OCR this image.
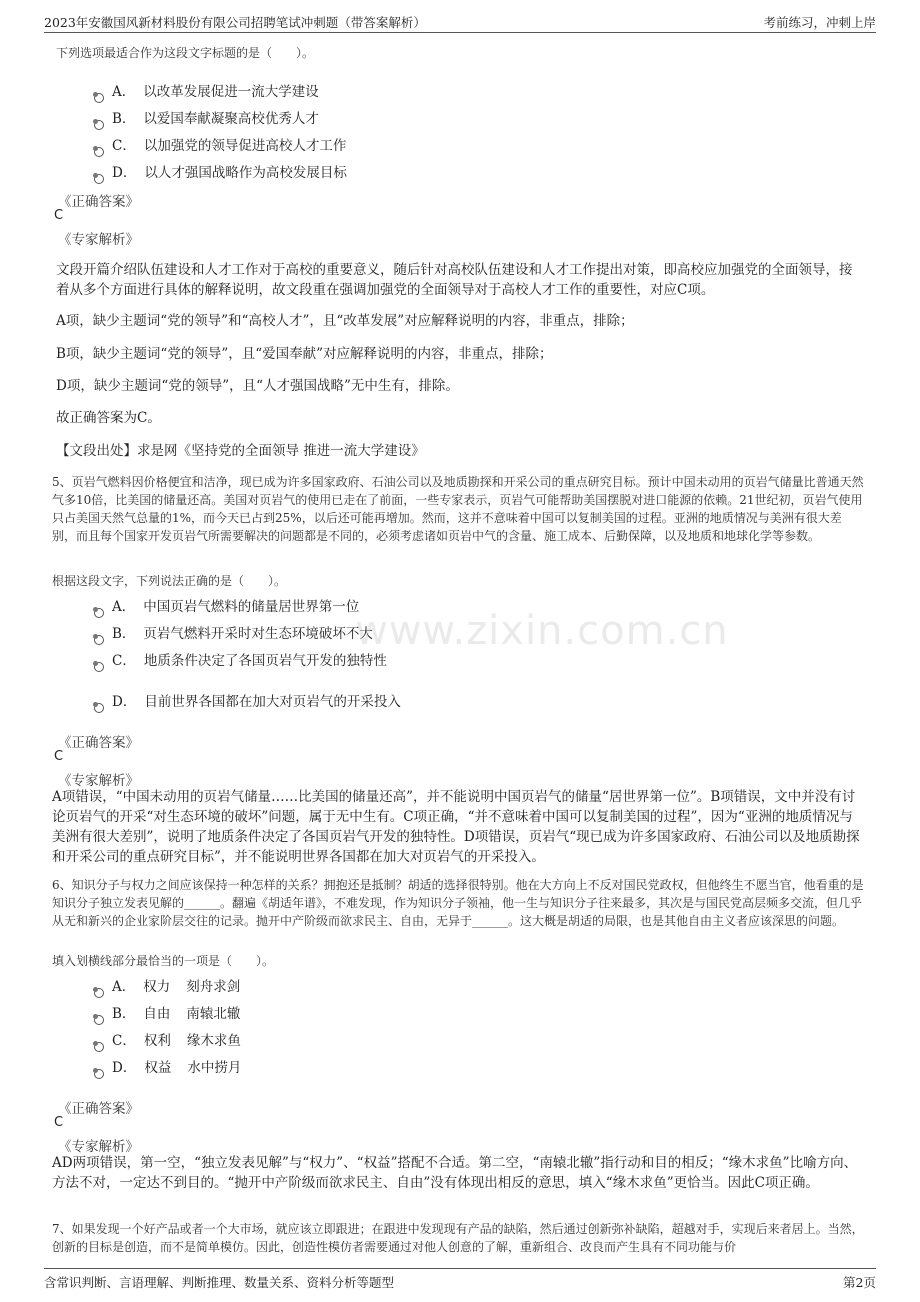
2023年安徽国风新材料股份有限公司招聘笔试冲刺题（带答案解析）	考前练习，冲刺上岸
www.zixin.com.cn
下列选项最适合作为这段文字标题的是（　　）。
A． 以改革发展促进一流大学建设
B． 以爱国奉献凝聚高校优秀人才
C． 以加强党的领导促进高校人才工作
D． 以人才强国战略作为高校发展目标
《正确答案》
C
《专家解析》
文段开篇介绍队伍建设和人才工作对于高校的重要意义，随后针对高校队伍建设和人才工作提出对策，即高校应加强党的全面领导，接着从多个方面进行具体的解释说明，故文段重在强调加强党的全面领导对于高校人才工作的重要性，对应C项。
A项，缺少主题词“党的领导”和“高校人才”，且“改革发展”对应解释说明的内容，非重点，排除；
B项，缺少主题词“党的领导”，且“爱国奉献”对应解释说明的内容，非重点，排除；
D项，缺少主题词“党的领导”，且“人才强国战略”无中生有，排除。
故正确答案为C。
【文段出处】求是网《坚持党的全面领导 推进一流大学建设》
5、页岩气燃料因价格便宜和洁净，现已成为许多国家政府、石油公司以及地质勘探和开采公司的重点研究目标。预计中国未动用的页岩气储量比普通天然气多10倍，比美国的储量还高。美国对页岩气的使用已走在了前面，一些专家表示，页岩气可能帮助美国摆脱对进口能源的依赖。21世纪初，页岩气使用只占美国天然气总量的1%，而今天已占到25%，以后还可能再增加。然而，这并不意味着中国可以复制美国的过程。亚洲的地质情况与美洲有很大差别，而且每个国家开发页岩气所需要解决的问题都是不同的，必须考虑诸如页岩中气的含量、施工成本、后勤保障，以及地质和地球化学等参数。
根据这段文字，下列说法正确的是（　　）。
A． 中国页岩气燃料的储量居世界第一位
B． 页岩气燃料开采时对生态环境破坏不大
C． 地质条件决定了各国页岩气开发的独特性
D． 目前世界各国都在加大对页岩气的开采投入
《正确答案》
C
《专家解析》
A项错误，“中国未动用的页岩气储量……比美国的储量还高”，并不能说明中国页岩气的储量“居世界第一位”。B项错误，文中并没有讨论页岩气的开采“对生态环境的破坏”问题，属于无中生有。C项正确，“并不意味着中国可以复制美国的过程”，因为“亚洲的地质情况与美洲有很大差别”，说明了地质条件决定了各国页岩气开发的独特性。D项错误，页岩气“现已成为许多国家政府、石油公司以及地质勘探和开采公司的重点研究目标”，并不能说明世界各国都在加大对页岩气的开采投入。
6、知识分子与权力之间应该保持一种怎样的关系？拥抱还是抵制？胡适的选择很特别。他在大方向上不反对国民党政权，但他终生不愿当官，他看重的是知识分子独立发表见解的______。翻遍《胡适年谱》，不难发现，作为知识分子领袖，他一生与知识分子往来最多，其次是与国民党高层频多交流，但几乎从无和新兴的企业家阶层交往的记录。抛开中产阶级而欲求民主、自由，无异于______。这大概是胡适的局限，也是其他自由主义者应该深思的问题。
填入划横线部分最恰当的一项是（　　）。
A． 权力 刻舟求剑
B． 自由 南辕北辙
C． 权利 缘木求鱼
D． 权益 水中捞月
《正确答案》
C
《专家解析》
AD两项错误，第一空，“独立发表见解”与“权力”、“权益”搭配不合适。第二空，“南辕北辙”指行动和目的相反；“缘木求鱼”比喻方向、方法不对，一定达不到目的。“抛开中产阶级而欲求民主、自由”没有体现出相反的意思，填入“缘木求鱼”更恰当。因此C项正确。
7、如果发现一个好产品或者一个大市场，就应该立即跟进；在跟进中发现现有产品的缺陷，然后通过创新弥补缺陷，超越对手，实现后来者居上。当然，创新的目标是创造，而不是简单模仿。因此，创造性模仿者需要通过对他人创意的了解，重新组合、改良而产生具有不同功能与价
含常识判断、言语理解、判断推理、数量关系、资料分析等题型	第2页
